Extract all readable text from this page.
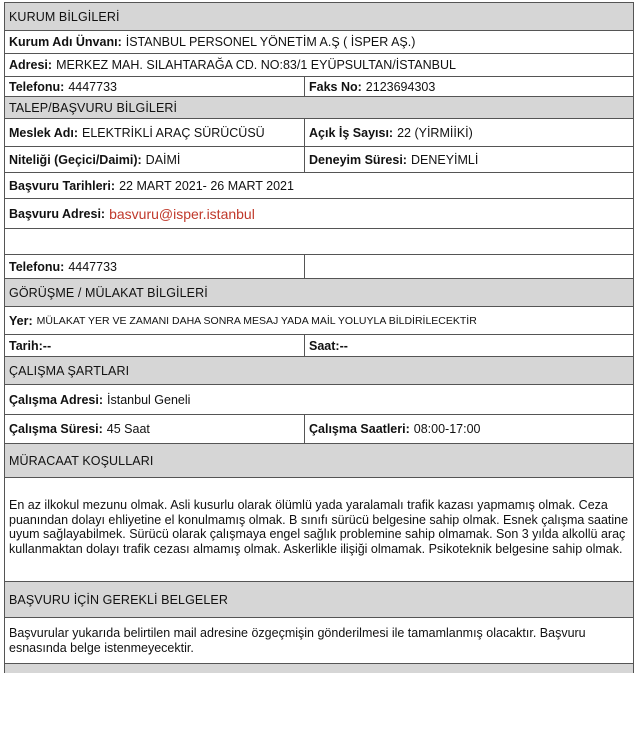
KURUM BİLGİLERİ
Kurum Adı Ünvanı: İSTANBUL PERSONEL YÖNETİM A.Ş ( İSPER AŞ.)
Adresi: MERKEZ MAH. SILAHTARAĞA CD. NO:83/1 EYÜPSULTAN/İSTANBUL
Telefonu: 4447733	Faks No: 2123694303
TALEP/BAŞVURU BİLGİLERİ
Meslek Adı: ELEKTRİKLİ ARAÇ SÜRÜCÜSÜ	Açık İş Sayısı: 22 (YİRMİİKİ)
Niteliği (Geçici/Daimi): DAİMİ	Deneyim Süresi: DENEYİMLİ
Başvuru Tarihleri: 22 MART 2021- 26 MART 2021
Başvuru Adresi: basvuru@isper.istanbul
Telefonu: 4447733
GÖRÜŞME / MÜLAKAT BİLGİLERİ
Yer: MÜLAKAT YER VE ZAMANI DAHA SONRA MESAJ YADA MAİL YOLUYLA BİLDİRİLECEKTİR
Tarih:--	Saat:--
ÇALIŞMA ŞARTLARI
Çalışma Adresi: İstanbul Geneli
Çalışma Süresi: 45 Saat	Çalışma Saatleri: 08:00-17:00
MÜRACAAT KOŞULLARI
En az ilkokul mezunu olmak. Asli kusurlu olarak ölümlü yada yaralamalı trafik kazası yapmamış olmak. Ceza puanından dolayı ehliyetine el konulmamış olmak. B sınıfı sürücü belgesine sahip olmak. Esnek çalışma saatine uyum sağlayabilmek. Sürücü olarak çalışmaya engel sağlık problemine sahip olmamak. Son 3 yılda alkollü araç kullanmaktan dolayı trafik cezası almamış olmak. Askerlikle ilişiği olmamak. Psikoteknik belgesine sahip olmak.
BAŞVURU İÇİN GEREKLİ BELGELER
Başvurular yukarıda belirtilen mail adresine özgeçmişin gönderilmesi ile tamamlanmış olacaktır. Başvuru esnasında belge istenmeyecektir.
